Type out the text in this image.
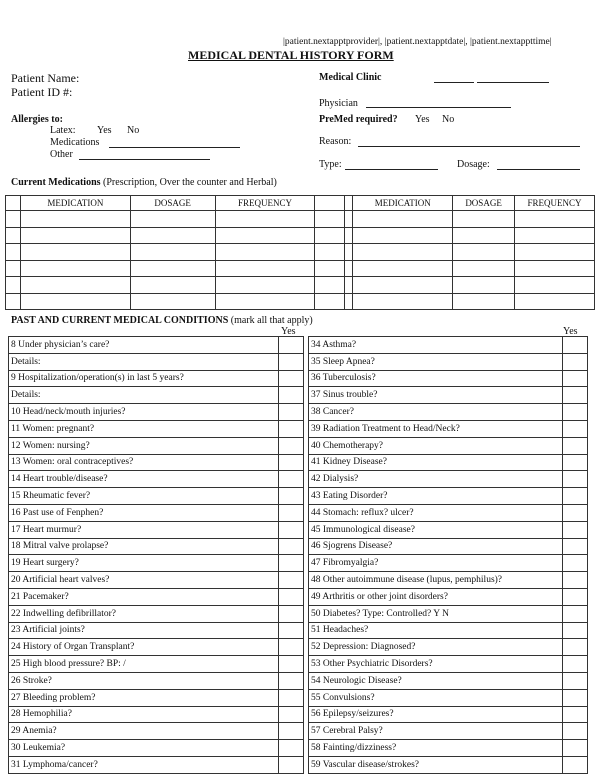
|patient.nextapptprovider|, |patient.nextapptdate|, |patient.nextappttime|
MEDICAL DENTAL HISTORY FORM
Patient Name:
Patient ID #:
Medical Clinic
Physician
PreMed required? Yes No
Reason:
Type:	Dosage:
Allergies to:
Latex: Yes No
Medications
Other
Current Medications (Prescription, Over the counter and Herbal)
	MEDICATION	DOSAGE	FREQUENCY			MEDICATION	DOSAGE	FREQUENCY

PAST AND CURRENT MEDICAL CONDITIONS (mark all that apply)
Yes	Yes
8 Under physician’s care?	
Details:	
9 Hospitalization/operation(s) in last 5 years?	
Details:	
10 Head/neck/mouth injuries?	
11 Women: pregnant?	
12 Women: nursing?	
13 Women: oral contraceptives?	
14 Heart trouble/disease?	
15 Rheumatic fever?	
16 Past use of Fenphen?	
17 Heart murmur?	
18 Mitral valve prolapse?	
19 Heart surgery?	
20 Artificial heart valves?	
21 Pacemaker?	
22 Indwelling defibrillator?	
23 Artificial joints?	
24 History of Organ Transplant?	
25 High blood pressure? BP: /	
26 Stroke?	
27 Bleeding problem?	
28 Hemophilia?	
29 Anemia?	
30 Leukemia?	
31 Lymphoma/cancer?	
34 Asthma?	
35 Sleep Apnea?	
36 Tuberculosis?	
37 Sinus trouble?	
38 Cancer?	
39 Radiation Treatment to Head/Neck?	
40 Chemotherapy?	
41 Kidney Disease?	
42 Dialysis?	
43 Eating Disorder?	
44 Stomach: reflux? ulcer?	
45 Immunological disease?	
46 Sjogrens Disease?	
47 Fibromyalgia?	
48 Other autoimmune disease (lupus, pemphilus)?	
49 Arthritis or other joint disorders?	
50 Diabetes? Type: Controlled? Y N	
51 Headaches?	
52 Depression: Diagnosed?	
53 Other Psychiatric Disorders?	
54 Neurologic Disease?	
55 Convulsions?	
56 Epilepsy/seizures?	
57 Cerebral Palsy?	
58 Fainting/dizziness?	
59 Vascular disease/strokes?	
